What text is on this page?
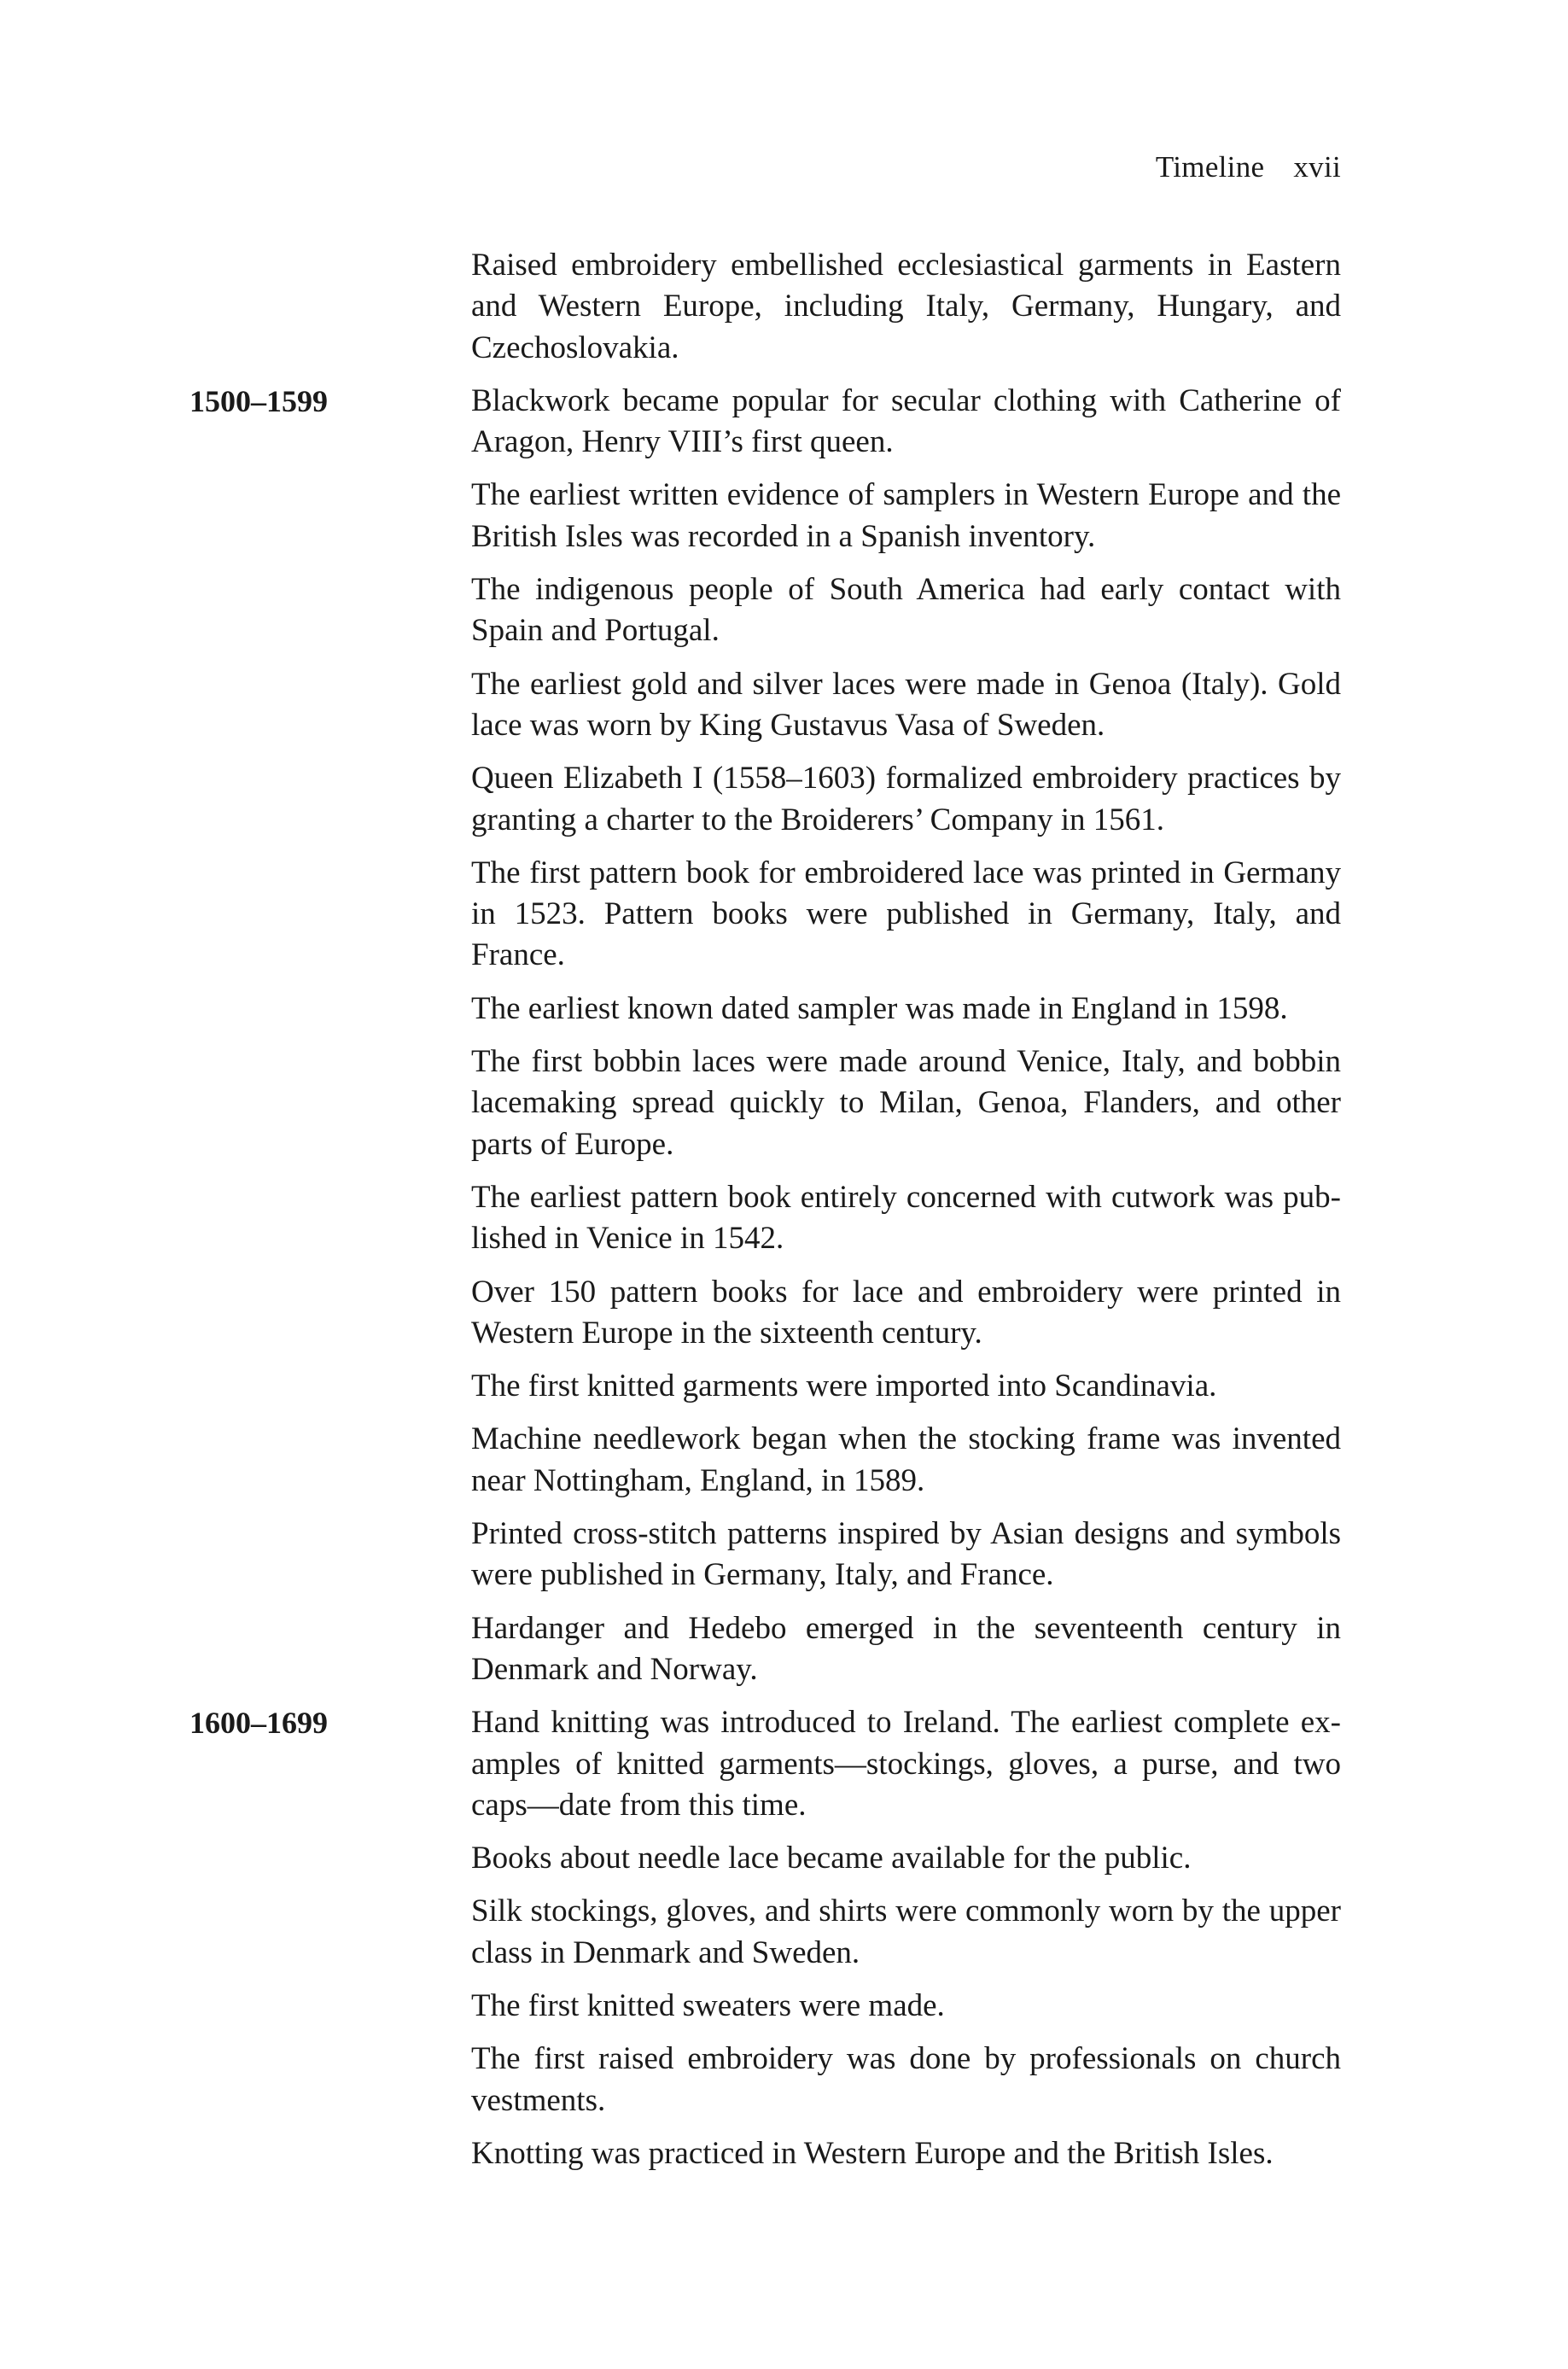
Timeline xvii

Raised embroidery embellished ecclesiastical garments in Eastern and Western Europe, including Italy, Germany, Hungary, and Czechoslovakia.

1500–1599	Blackwork became popular for secular clothing with Catherine of Aragon, Henry VIII’s first queen.

The earliest written evidence of samplers in Western Europe and the British Isles was recorded in a Spanish inventory.

The indigenous people of South America had early contact with Spain and Portugal.

The earliest gold and silver laces were made in Genoa (Italy). Gold lace was worn by King Gustavus Vasa of Sweden.

Queen Elizabeth I (1558–1603) formalized embroidery practices by granting a charter to the Broiderers’ Company in 1561.

The first pattern book for embroidered lace was printed in Germany in 1523. Pattern books were published in Germany, Italy, and France.

The earliest known dated sampler was made in England in 1598.

The first bobbin laces were made around Venice, Italy, and bobbin lacemaking spread quickly to Milan, Genoa, Flanders, and other parts of Europe.

The earliest pattern book entirely concerned with cutwork was published in Venice in 1542.

Over 150 pattern books for lace and embroidery were printed in Western Europe in the sixteenth century.

The first knitted garments were imported into Scandinavia.

Machine needlework began when the stocking frame was invented near Nottingham, England, in 1589.

Printed cross-stitch patterns inspired by Asian designs and symbols were published in Germany, Italy, and France.

Hardanger and Hedebo emerged in the seventeenth century in Denmark and Norway.

1600–1699	Hand knitting was introduced to Ireland. The earliest complete examples of knitted garments—stockings, gloves, a purse, and two caps—date from this time.

Books about needle lace became available for the public.

Silk stockings, gloves, and shirts were commonly worn by the upper class in Denmark and Sweden.

The first knitted sweaters were made.

The first raised embroidery was done by professionals on church vestments.

Knotting was practiced in Western Europe and the British Isles.
